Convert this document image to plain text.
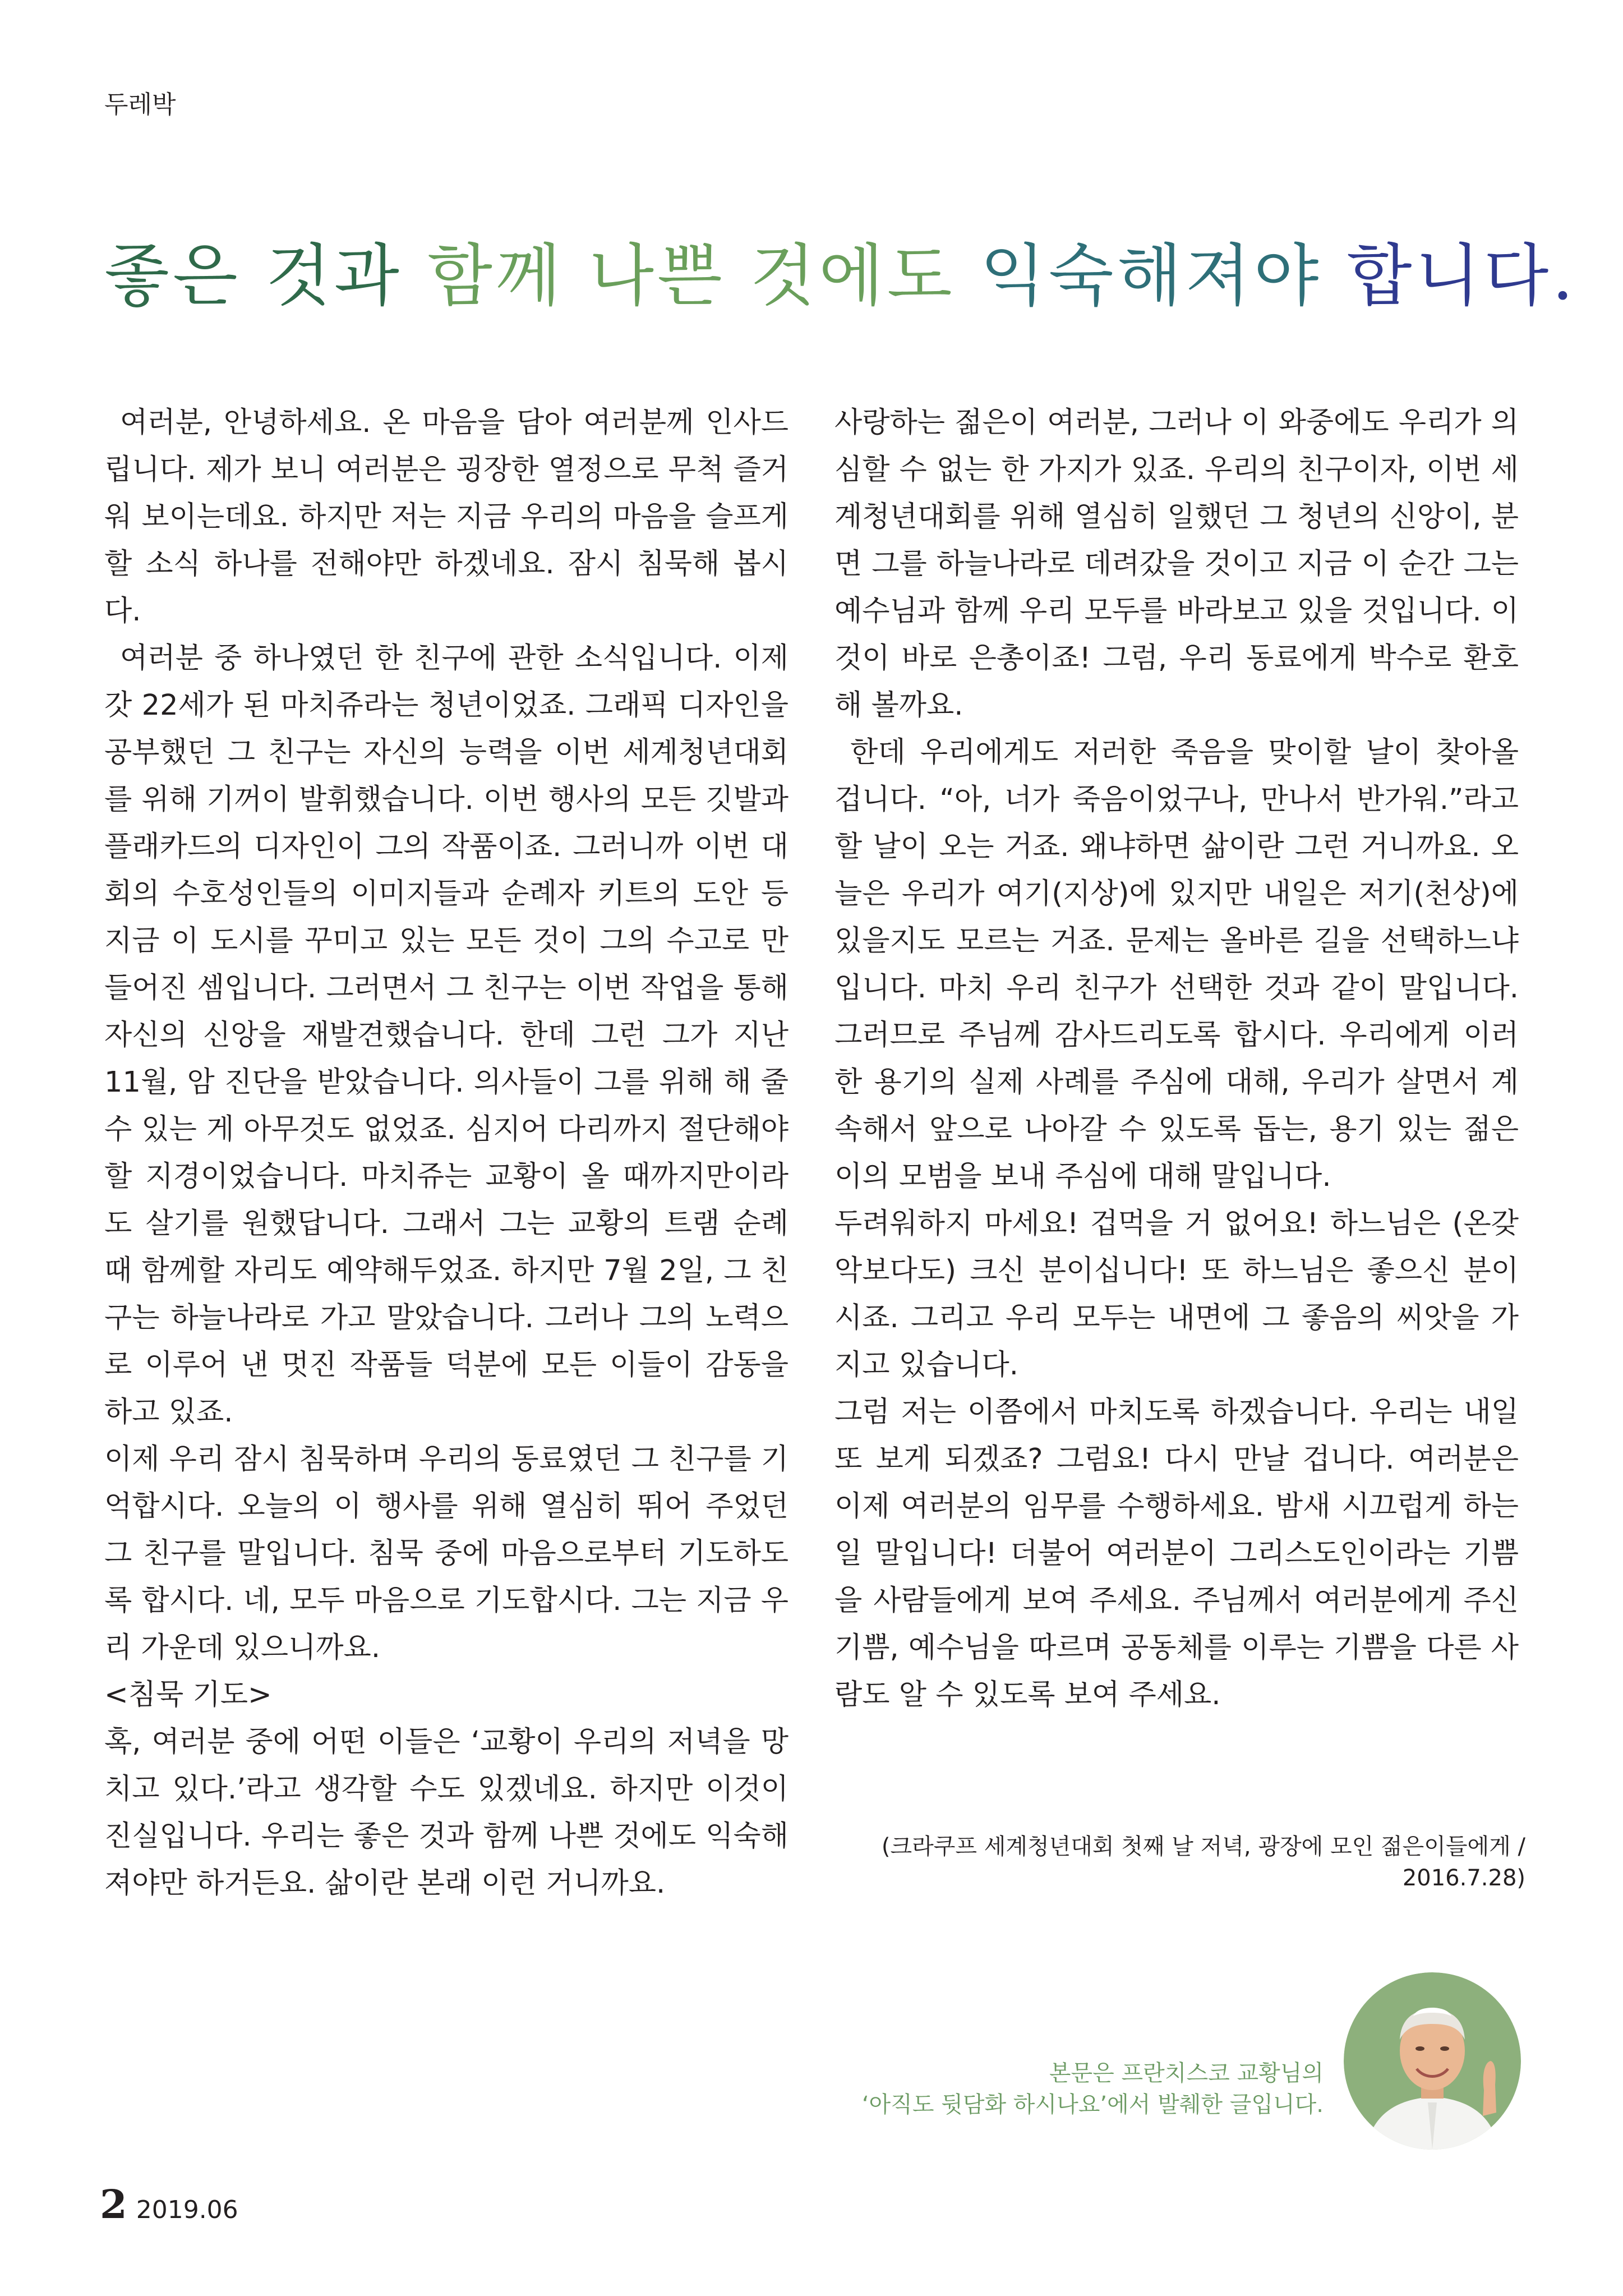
두레박
좋은 것과 함께 나쁜 것에도 익숙해져야 합니다.

여러분, 안녕하세요. 온 마음을 담아 여러분께 인사드립니다. 제가 보니 여러분은 굉장한 열정으로 무척 즐거워 보이는데요. 하지만 저는 지금 우리의 마음을 슬프게 할 소식 하나를 전해야만 하겠네요. 잠시 침묵해 봅시다.

여러분 중 하나였던 한 친구에 관한 소식입니다. 이제 갓 22세가 된 마치쥬라는 청년이었죠. 그래픽 디자인을 공부했던 그 친구는 자신의 능력을 이번 세계청년대회를 위해 기꺼이 발휘했습니다. 이번 행사의 모든 깃발과 플래카드의 디자인이 그의 작품이죠. 그러니까 이번 대회의 수호성인들의 이미지들과 순례자 키트의 도안 등 지금 이 도시를 꾸미고 있는 모든 것이 그의 수고로 만들어진 셈입니다. 그러면서 그 친구는 이번 작업을 통해 자신의 신앙을 재발견했습니다. 한데 그런 그가 지난 11월, 암 진단을 받았습니다. 의사들이 그를 위해 해 줄 수 있는 게 아무것도 없었죠. 심지어 다리까지 절단해야 할 지경이었습니다. 마치쥬는 교황이 올 때까지만이라도 살기를 원했답니다. 그래서 그는 교황의 트램 순례 때 함께할 자리도 예약해두었죠. 하지만 7월 2일, 그 친구는 하늘나라로 가고 말았습니다. 그러나 그의 노력으로 이루어 낸 멋진 작품들 덕분에 모든 이들이 감동을 하고 있죠.

이제 우리 잠시 침묵하며 우리의 동료였던 그 친구를 기억합시다. 오늘의 이 행사를 위해 열심히 뛰어 주었던 그 친구를 말입니다. 침묵 중에 마음으로부터 기도하도록 합시다. 네, 모두 마음으로 기도합시다. 그는 지금 우리 가운데 있으니까요.

<침묵 기도>

혹, 여러분 중에 어떤 이들은 ‘교황이 우리의 저녁을 망치고 있다.’라고 생각할 수도 있겠네요. 하지만 이것이 진실입니다. 우리는 좋은 것과 함께 나쁜 것에도 익숙해져야만 하거든요. 삶이란 본래 이런 거니까요.

사랑하는 젊은이 여러분, 그러나 이 와중에도 우리가 의심할 수 없는 한 가지가 있죠. 우리의 친구이자, 이번 세계청년대회를 위해 열심히 일했던 그 청년의 신앙이, 분면 그를 하늘나라로 데려갔을 것이고 지금 이 순간 그는 예수님과 함께 우리 모두를 바라보고 있을 것입니다. 이것이 바로 은총이죠! 그럼, 우리 동료에게 박수로 환호해 볼까요.

한데 우리에게도 저러한 죽음을 맞이할 날이 찾아올 겁니다. “아, 너가 죽음이었구나, 만나서 반가워.”라고 할 날이 오는 거죠. 왜냐하면 삶이란 그런 거니까요. 오늘은 우리가 여기(지상)에 있지만 내일은 저기(천상)에 있을지도 모르는 거죠. 문제는 올바른 길을 선택하느냐입니다. 마치 우리 친구가 선택한 것과 같이 말입니다. 그러므로 주님께 감사드리도록 합시다. 우리에게 이러한 용기의 실제 사례를 주심에 대해, 우리가 살면서 계속해서 앞으로 나아갈 수 있도록 돕는, 용기 있는 젊은이의 모범을 보내 주심에 대해 말입니다.

두려워하지 마세요! 겁먹을 거 없어요! 하느님은 (온갖 악보다도) 크신 분이십니다! 또 하느님은 좋으신 분이시죠. 그리고 우리 모두는 내면에 그 좋음의 씨앗을 가지고 있습니다.

그럼 저는 이쯤에서 마치도록 하겠습니다. 우리는 내일 또 보게 되겠죠? 그럼요! 다시 만날 겁니다. 여러분은 이제 여러분의 임무를 수행하세요. 밤새 시끄럽게 하는 일 말입니다! 더불어 여러분이 그리스도인이라는 기쁨을 사람들에게 보여 주세요. 주님께서 여러분에게 주신 기쁨, 예수님을 따르며 공동체를 이루는 기쁨을 다른 사람도 알 수 있도록 보여 주세요.

(크라쿠프 세계청년대회 첫째 날 저녁, 광장에 모인 젊은이들에게 /
2016.7.28)
본문은 프란치스코 교황님의
‘아직도 뒷담화 하시나요’에서 발췌한 글입니다.
2 2019.06
